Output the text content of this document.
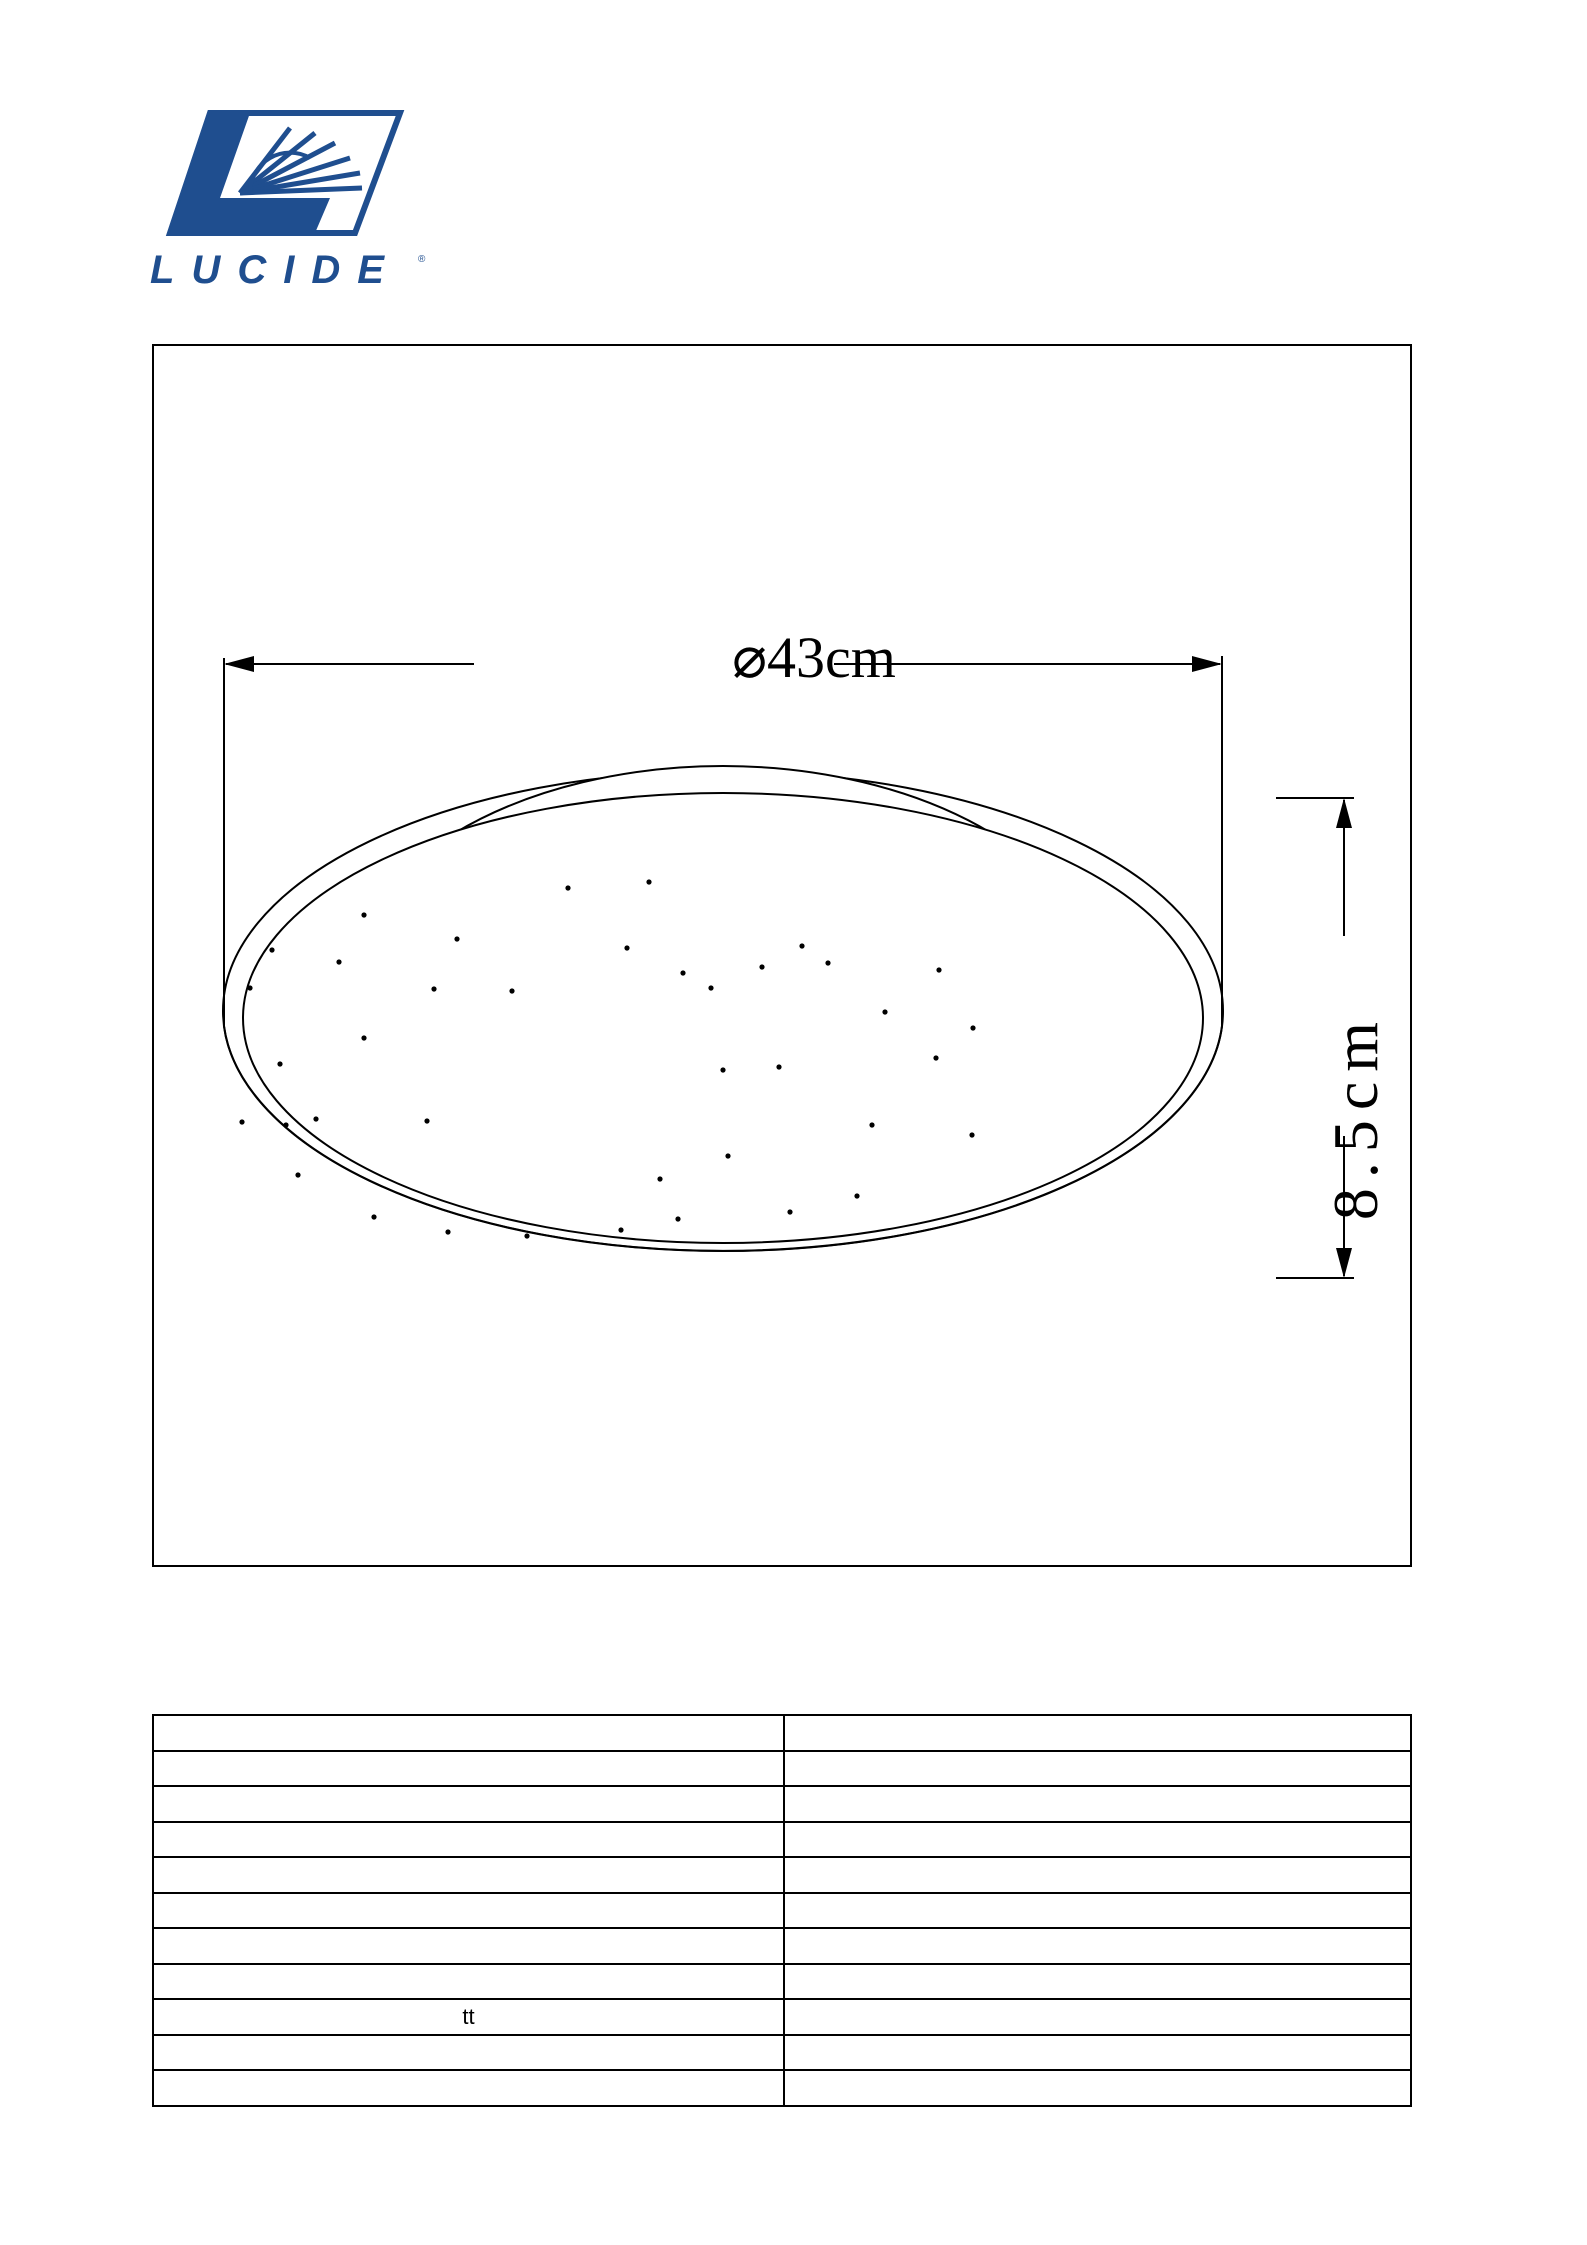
LUCIDE	®
⌀43cm
8.5cm

tt	
